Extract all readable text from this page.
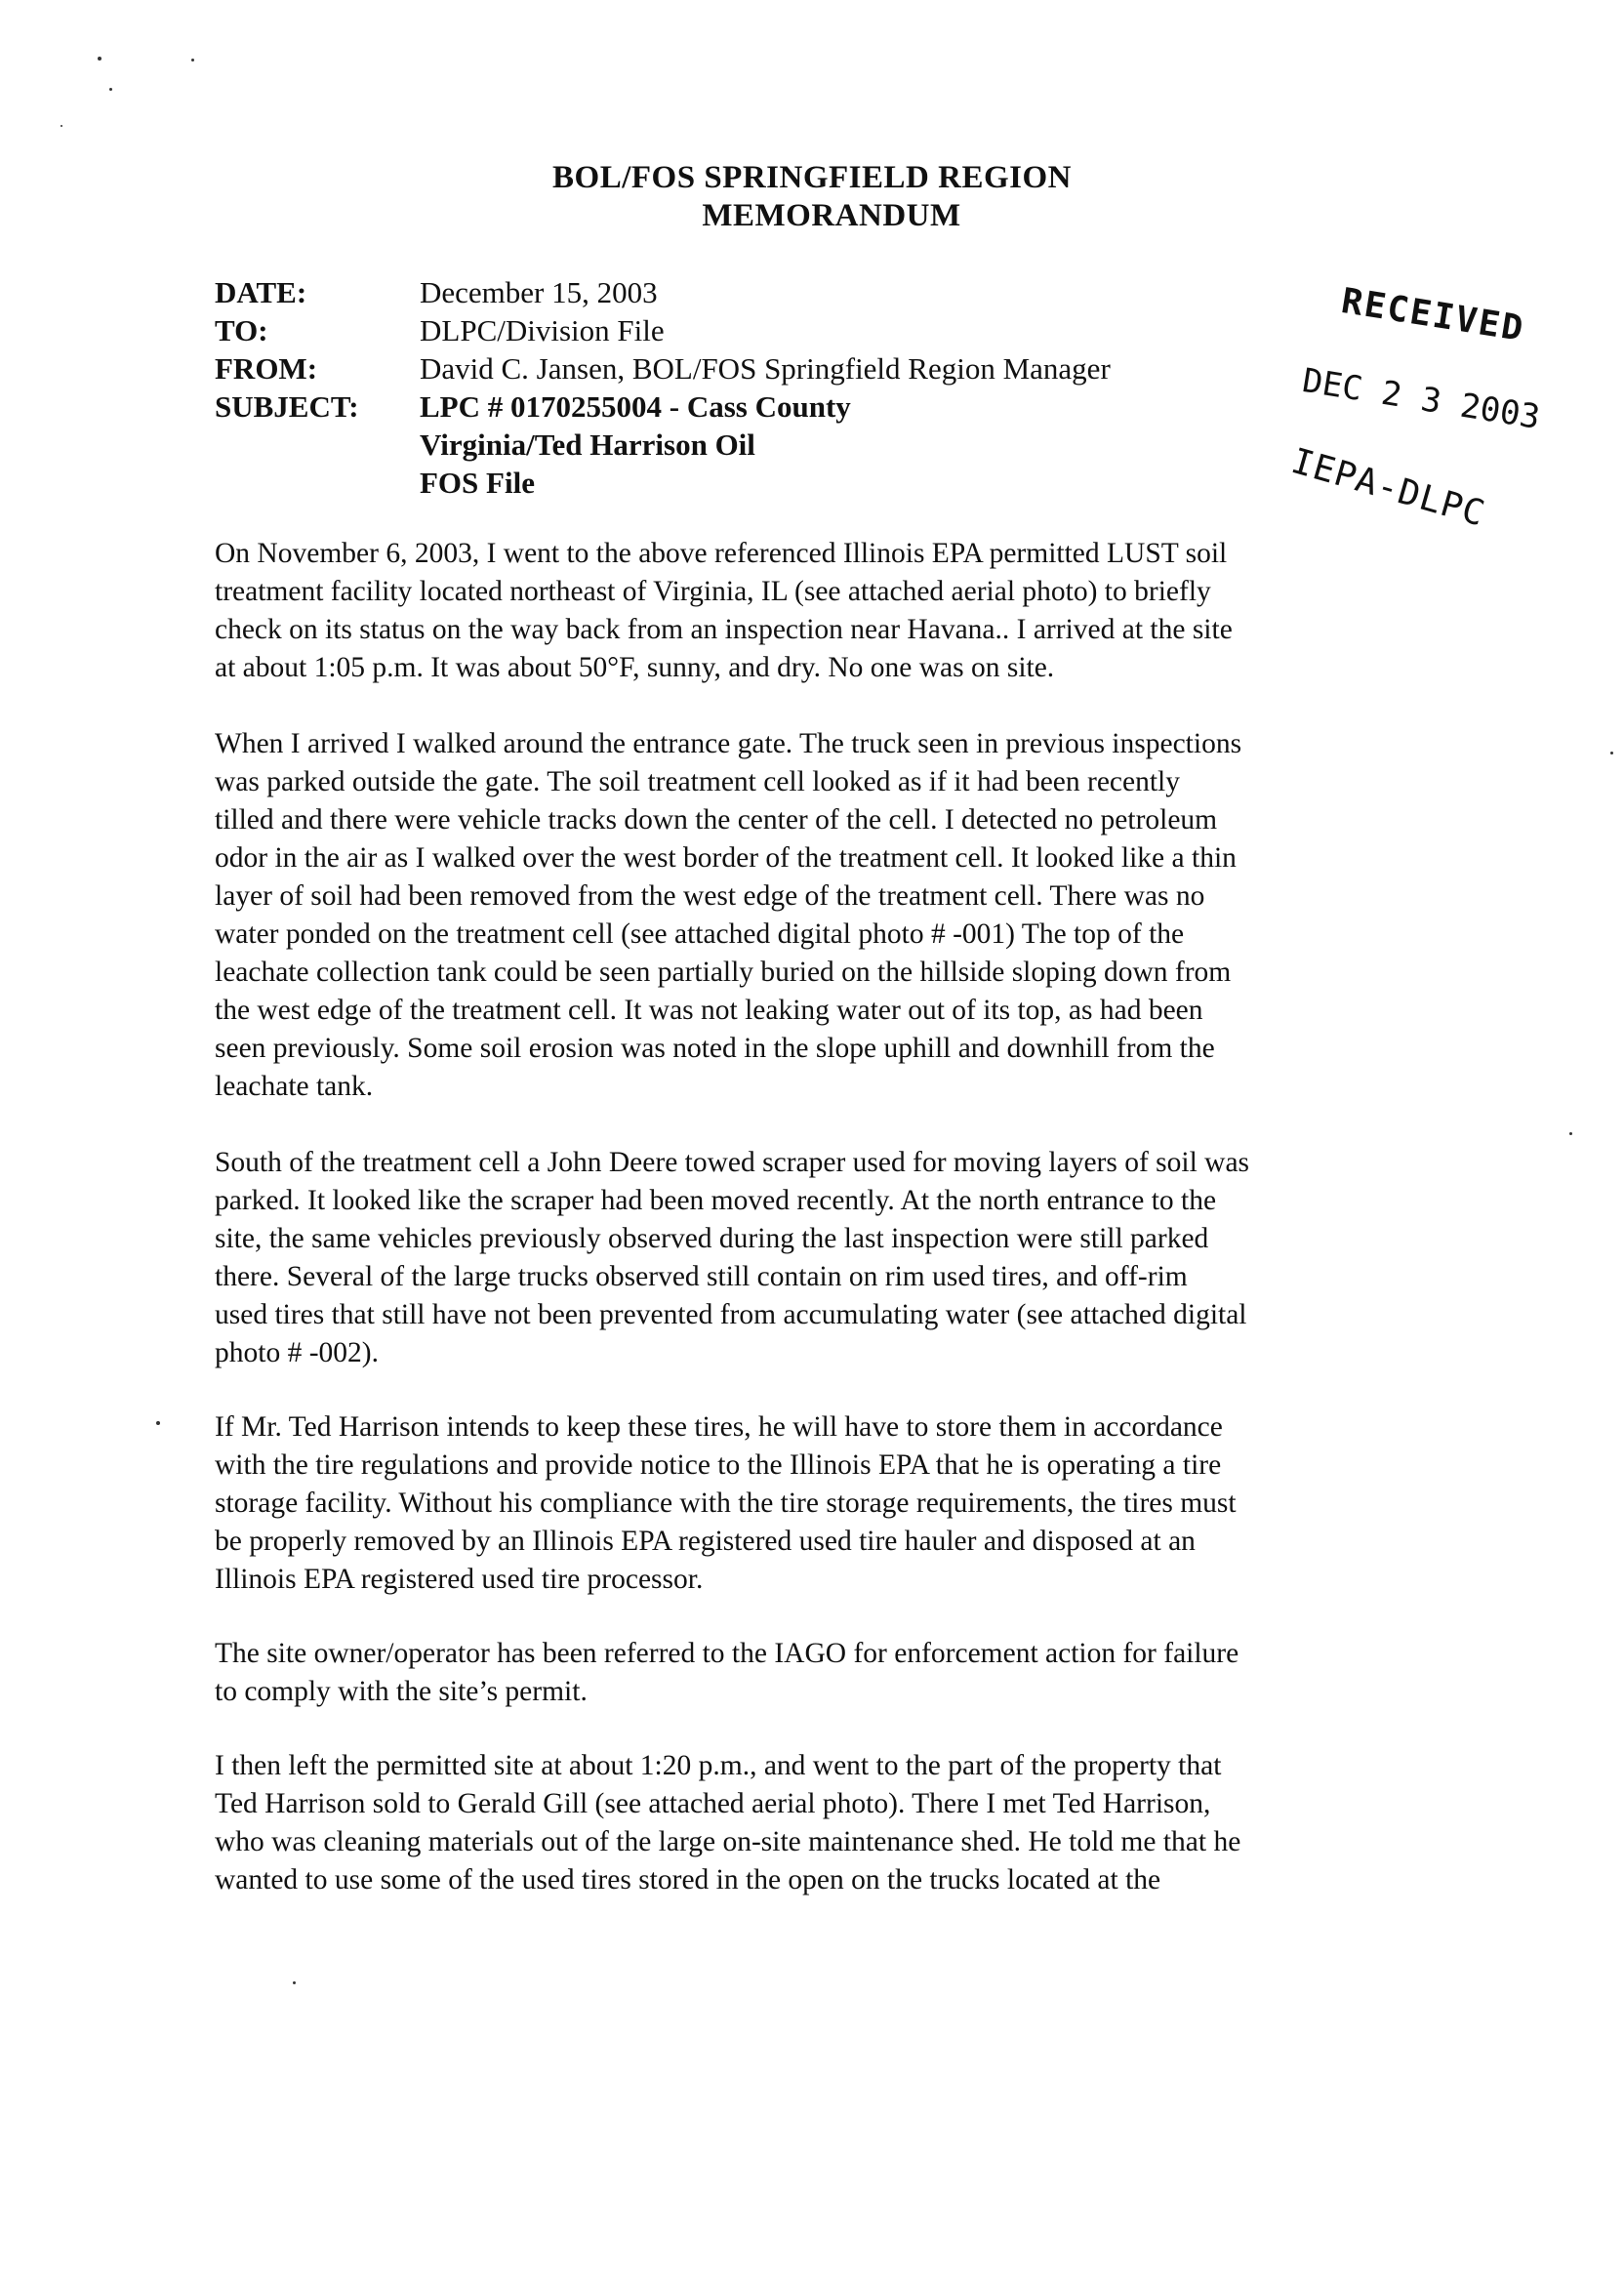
BOL/FOS SPRINGFIELD REGION
MEMORANDUM
DATE:	December 15, 2003
TO:	DLPC/Division File
FROM:	David C. Jansen, BOL/FOS Springfield Region Manager
SUBJECT: LPC # 0170255004 - Cass County
Virginia/Ted Harrison Oil
FOS File
RECEIVED
DEC 2 3 2003
IEPA-DLPC
On November 6, 2003, I went to the above referenced Illinois EPA permitted LUST soil
treatment facility located northeast of Virginia, IL (see attached aerial photo) to briefly
check on its status on the way back from an inspection near Havana.. I arrived at the site
at about 1:05 p.m. It was about 50°F, sunny, and dry. No one was on site.
When I arrived I walked around the entrance gate. The truck seen in previous inspections
was parked outside the gate. The soil treatment cell looked as if it had been recently
tilled and there were vehicle tracks down the center of the cell. I detected no petroleum
odor in the air as I walked over the west border of the treatment cell. It looked like a thin
layer of soil had been removed from the west edge of the treatment cell. There was no
water ponded on the treatment cell (see attached digital photo # -001) The top of the
leachate collection tank could be seen partially buried on the hillside sloping down from
the west edge of the treatment cell. It was not leaking water out of its top, as had been
seen previously. Some soil erosion was noted in the slope uphill and downhill from the
leachate tank.
South of the treatment cell a John Deere towed scraper used for moving layers of soil was
parked. It looked like the scraper had been moved recently. At the north entrance to the
site, the same vehicles previously observed during the last inspection were still parked
there. Several of the large trucks observed still contain on rim used tires, and off-rim
used tires that still have not been prevented from accumulating water (see attached digital
photo # -002).
If Mr. Ted Harrison intends to keep these tires, he will have to store them in accordance
with the tire regulations and provide notice to the Illinois EPA that he is operating a tire
storage facility. Without his compliance with the tire storage requirements, the tires must
be properly removed by an Illinois EPA registered used tire hauler and disposed at an
Illinois EPA registered used tire processor.
The site owner/operator has been referred to the IAGO for enforcement action for failure
to comply with the site’s permit.
I then left the permitted site at about 1:20 p.m., and went to the part of the property that
Ted Harrison sold to Gerald Gill (see attached aerial photo). There I met Ted Harrison,
who was cleaning materials out of the large on-site maintenance shed. He told me that he
wanted to use some of the used tires stored in the open on the trucks located at the
